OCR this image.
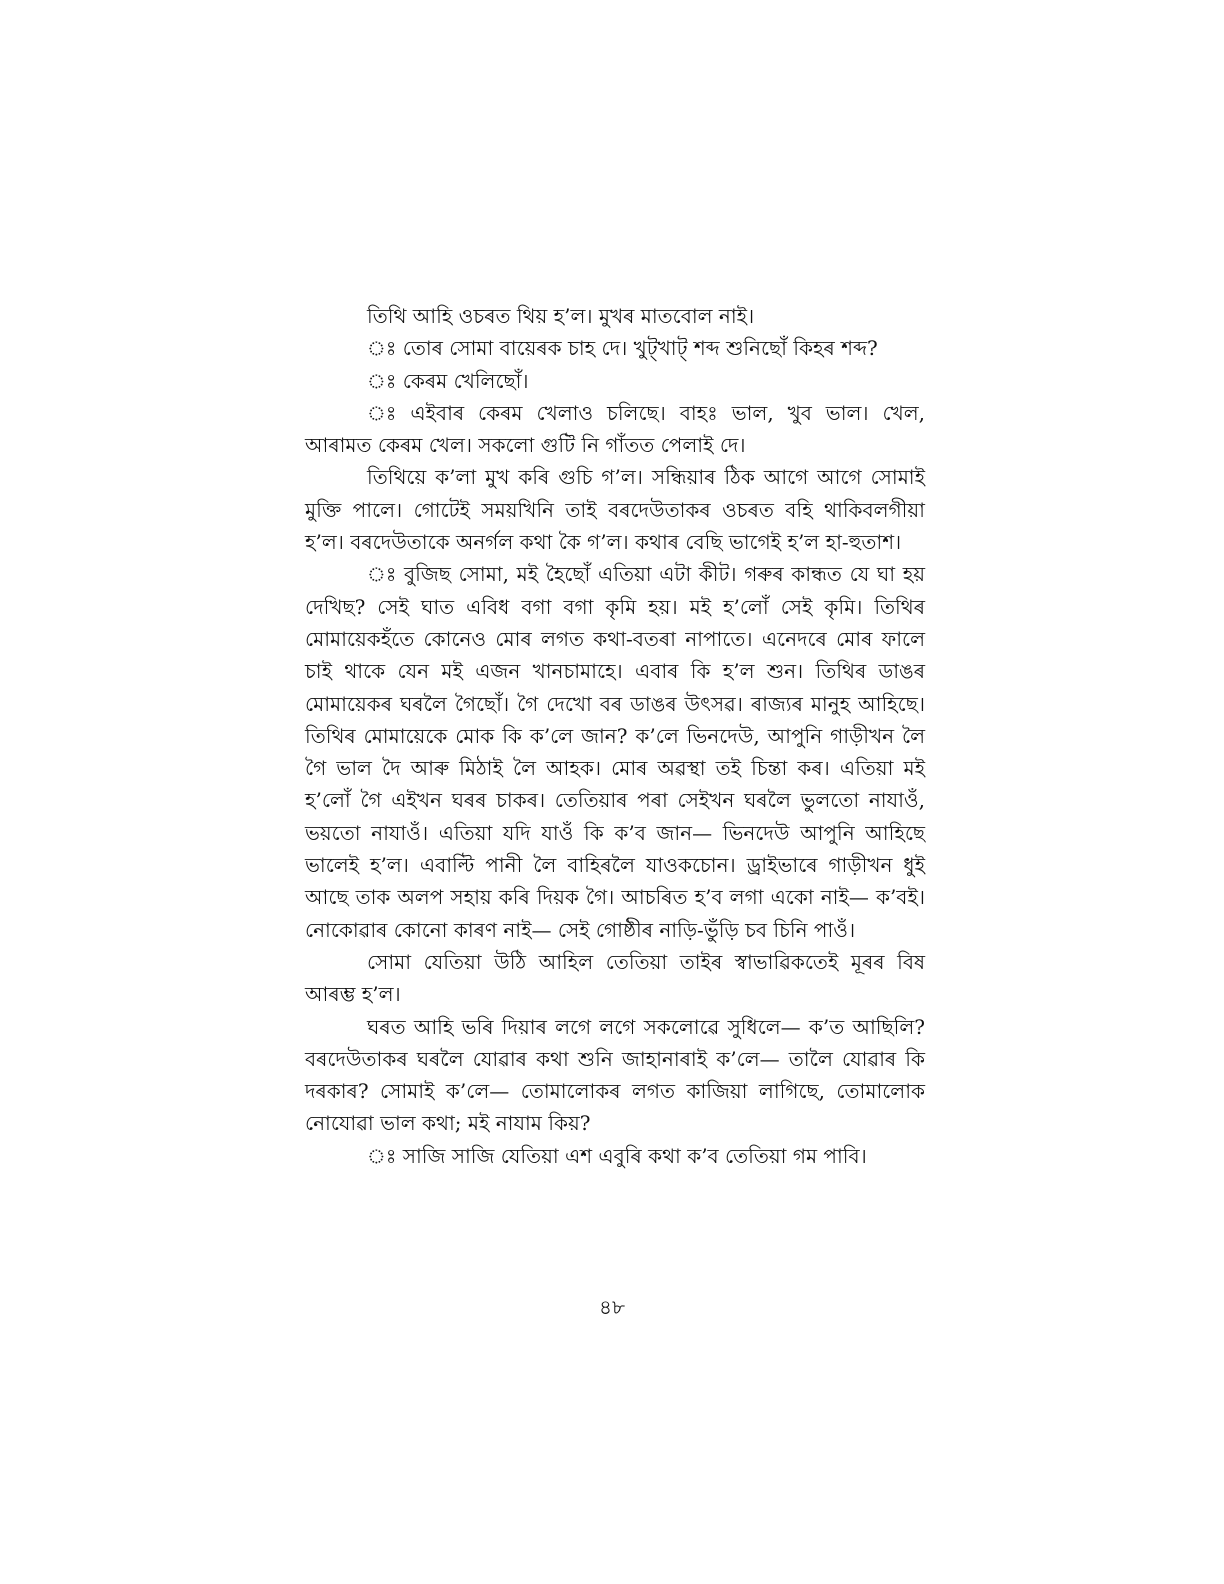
তিথি আহি ওচৰত থিয় হ’ল। মুখৰ মাতবোল নাই।

ঃ তোৰ সোমা বায়েৰক চাহ দে। খুট্‌খাট্‌ শব্দ শুনিছোঁ কিহৰ শব্দ?

ঃ কেৰম খেলিছোঁ।

ঃ এইবাৰ কেৰম খেলাও চলিছে। বাহঃ ভাল, খুব ভাল। খেল, আৰামত কেৰম খেল। সকলো গুটি নি গাঁতত পেলাই দে।

তিথিয়ে ক’লা মুখ কৰি গুচি গ’ল। সন্ধিয়াৰ ঠিক আগে আগে সোমাই মুক্তি পালে। গোটেই সময়খিনি তাই বৰদেউতাকৰ ওচৰত বহি থাকিবলগীয়া হ’ল। বৰদেউতাকে অনৰ্গল কথা কৈ গ’ল। কথাৰ বেছি ভাগেই হ’ল হা-হুতাশ।

ঃ বুজিছ সোমা, মই হৈছোঁ এতিয়া এটা কীট। গৰুৰ কান্ধত যে ঘা হয় দেখিছ? সেই ঘাত এবিধ বগা বগা কৃমি হয়। মই হ’লোঁ সেই কৃমি। তিথিৰ মোমায়েকহঁতে কোনেও মোৰ লগত কথা-বতৰা নাপাতে। এনেদৰে মোৰ ফালে চাই থাকে যেন মই এজন খানচামাহে। এবাৰ কি হ’ল শুন। তিথিৰ ডাঙৰ মোমায়েকৰ ঘৰলৈ গৈছোঁ। গৈ দেখো বৰ ডাঙৰ উৎসৱ। ৰাজ্যৰ মানুহ আহিছে। তিথিৰ মোমায়েকে মোক কি ক’লে জান? ক’লে ভিনদেউ, আপুনি গাড়ীখন লৈ গৈ ভাল দৈ আৰু মিঠাই লৈ আহক। মোৰ অৱস্থা তই চিন্তা কৰ। এতিয়া মই হ’লোঁ গৈ এইখন ঘৰৰ চাকৰ। তেতিয়াৰ পৰা সেইখন ঘৰলৈ ভুলতো নাযাওঁ, ভয়তো নাযাওঁ। এতিয়া যদি যাওঁ কি ক’ব জান— ভিনদেউ আপুনি আহিছে ভালেই হ’ল। এবাল্টি পানী লৈ বাহিৰলৈ যাওকচোন। ড্ৰাইভাৰে গাড়ীখন ধুই আছে তাক অলপ সহায় কৰি দিয়ক গৈ। আচৰিত হ’ব লগা একো নাই— ক’বই। নোকোৱাৰ কোনো কাৰণ নাই— সেই গোষ্ঠীৰ নাড়ি-ভুঁড়ি চব চিনি পাওঁ।

সোমা যেতিয়া উঠি আহিল তেতিয়া তাইৰ স্বাভাৱিকতেই মূৰৰ বিষ আৰম্ভ হ’ল।

ঘৰত আহি ভৰি দিয়াৰ লগে লগে সকলোৱে সুধিলে— ক’ত আছিলি? বৰদেউতাকৰ ঘৰলৈ যোৱাৰ কথা শুনি জাহানাৰাই ক’লে— তালৈ যোৱাৰ কি দৰকাৰ? সোমাই ক’লে— তোমালোকৰ লগত কাজিয়া লাগিছে, তোমালোক নোযোৱা ভাল কথা; মই নাযাম কিয়?

ঃ সাজি সাজি যেতিয়া এশ এবুৰি কথা ক’ব তেতিয়া গম পাবি।

৪৮
